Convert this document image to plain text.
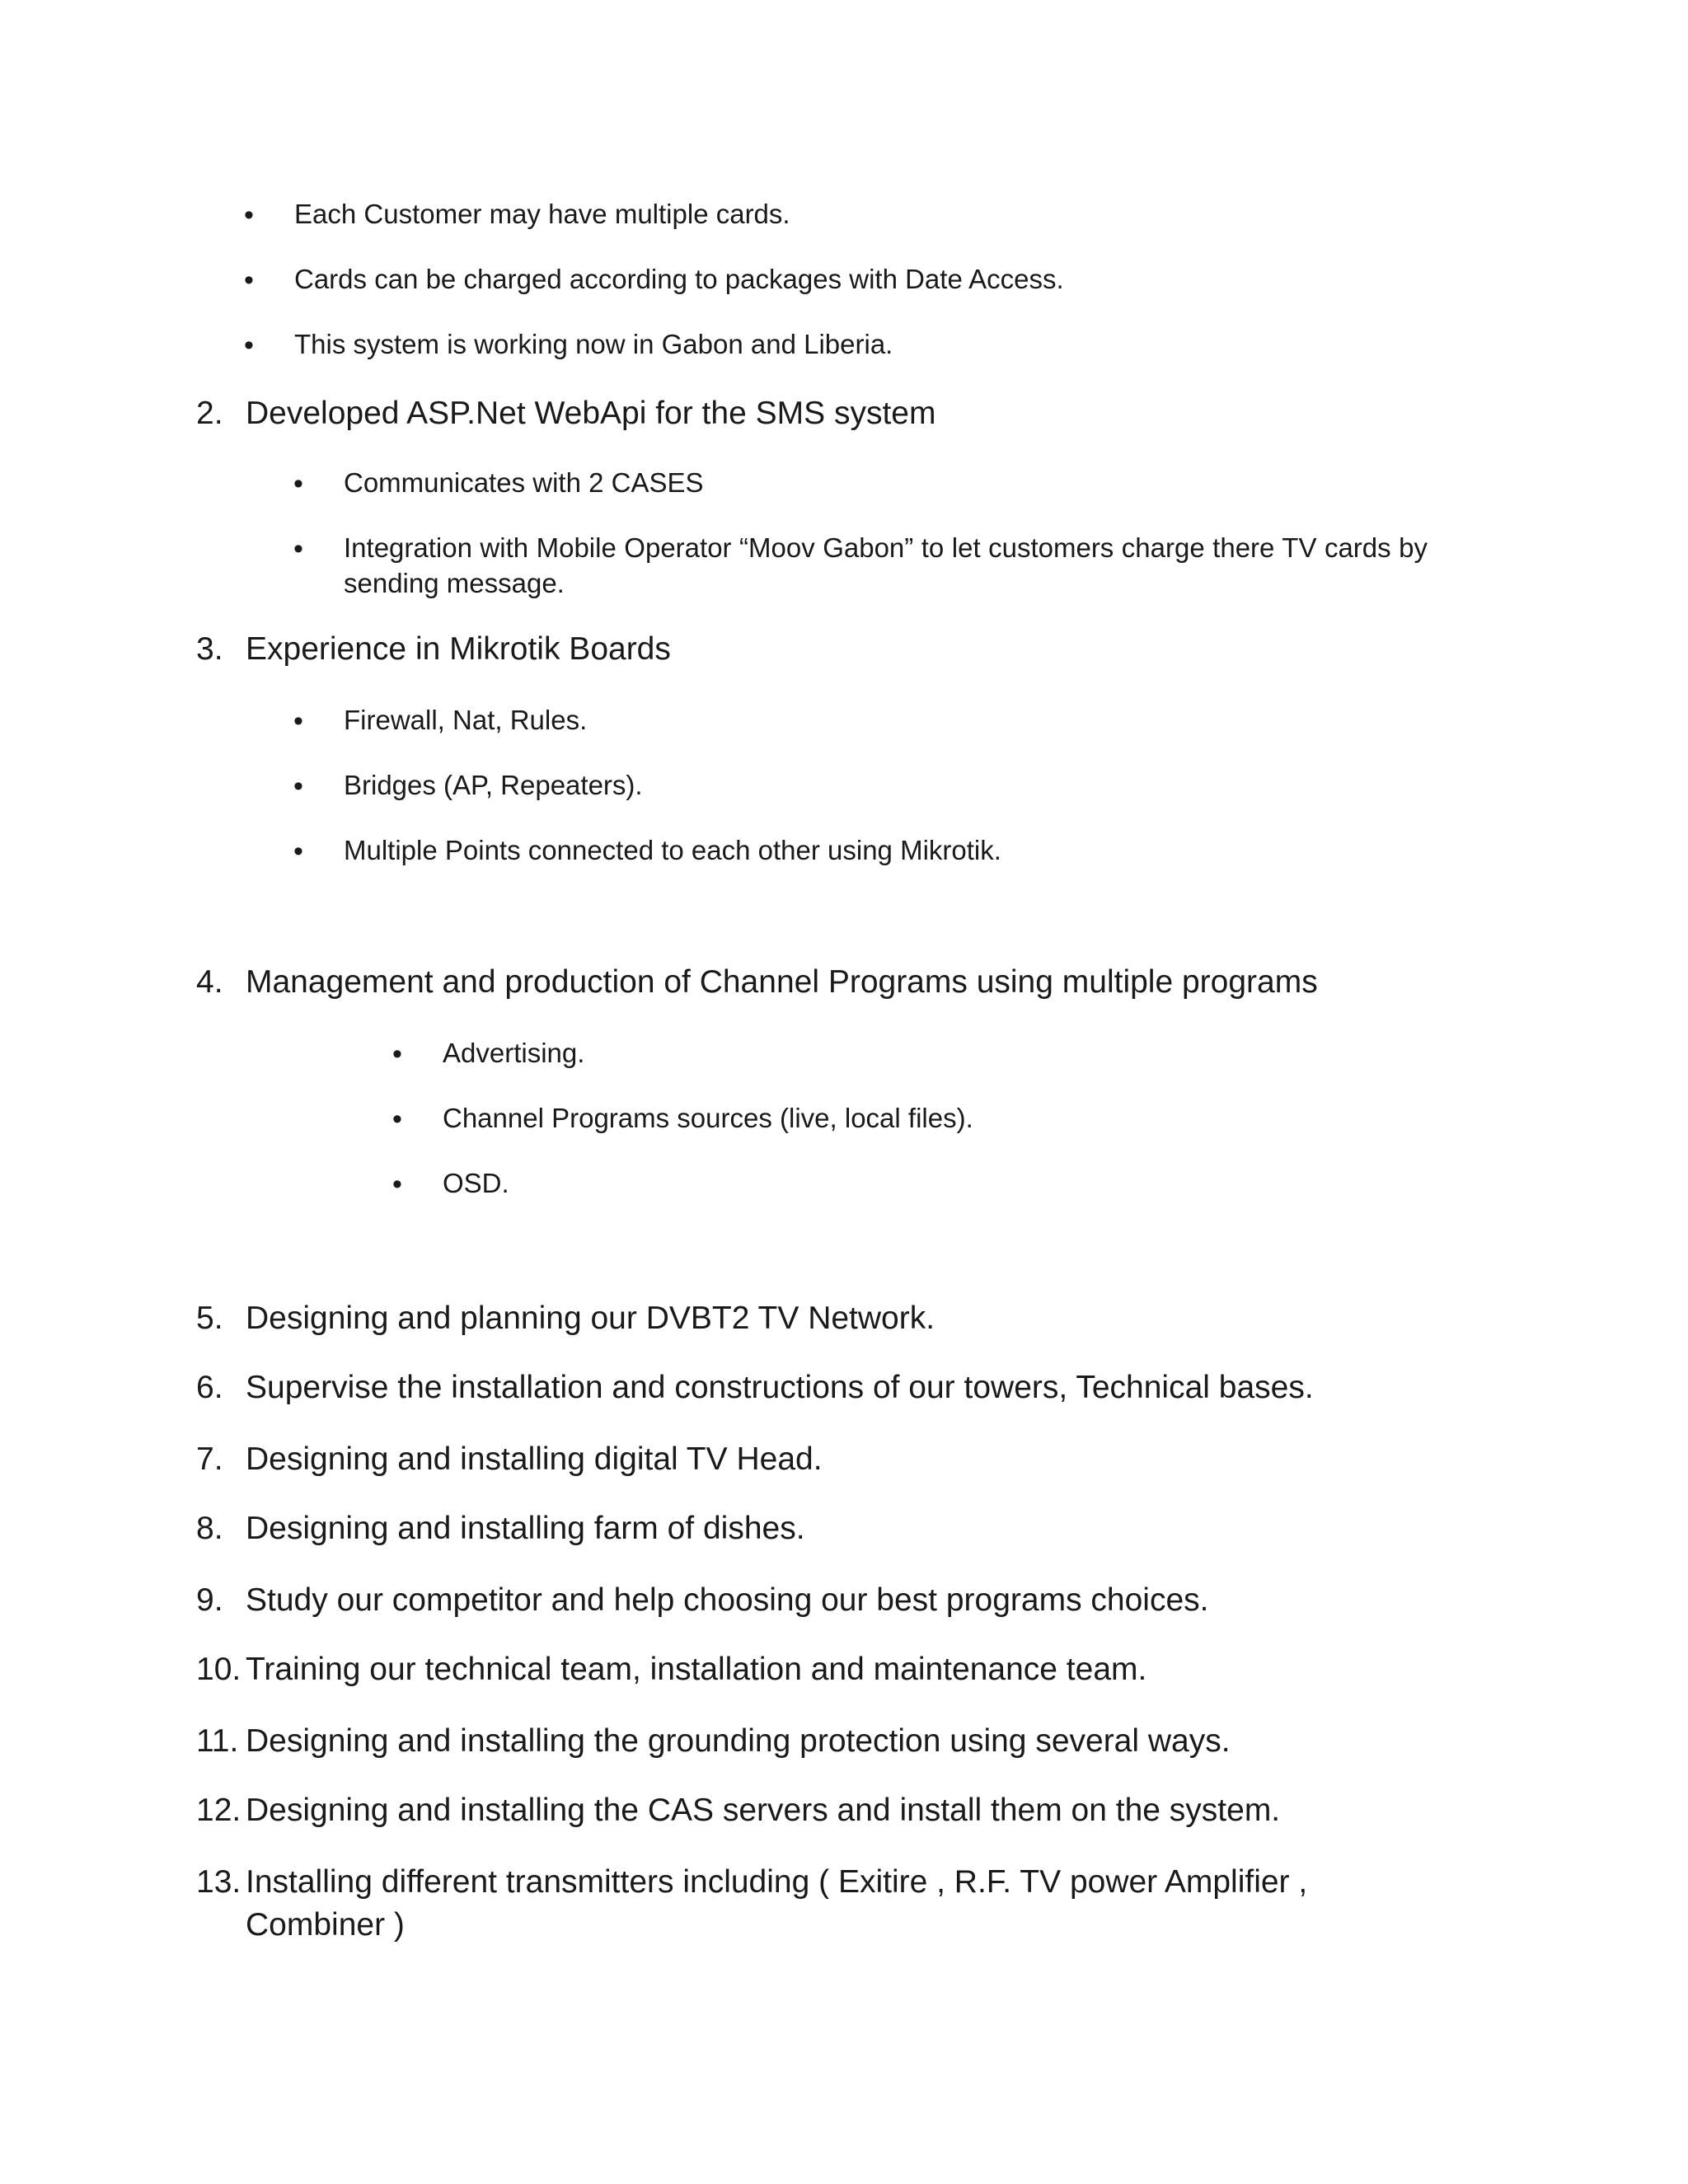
• Each Customer may have multiple cards.
• Cards can be charged according to packages with Date Access.
• This system is working now in Gabon and Liberia.
2. Developed ASP.Net WebApi for the SMS system
• Communicates with 2 CASES
• Integration with Mobile Operator “Moov Gabon” to let customers charge there TV cards by sending message.
3. Experience in Mikrotik Boards
• Firewall, Nat, Rules.
• Bridges (AP, Repeaters).
• Multiple Points connected to each other using Mikrotik.
4. Management and production of Channel Programs using multiple programs
• Advertising.
• Channel Programs sources (live, local files).
• OSD.
5. Designing and planning our DVBT2 TV Network.
6. Supervise the installation and constructions of our towers, Technical bases.
7. Designing and installing digital TV Head.
8. Designing and installing farm of dishes.
9. Study our competitor and help choosing our best programs choices.
10. Training our technical team, installation and maintenance team.
11. Designing and installing the grounding protection using several ways.
12. Designing and installing the CAS servers and install them on the system.
13. Installing different transmitters including ( Exitire , R.F. TV power Amplifier , Combiner )
